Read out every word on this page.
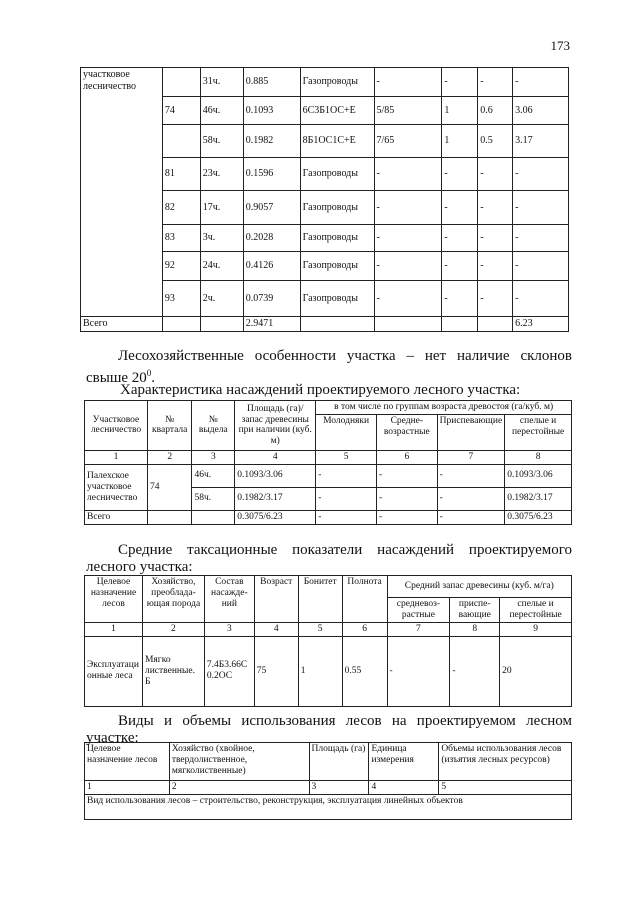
173
участковое лесничество		31ч.	0.885	Газопроводы	-	-	-	-
	74	46ч.	0.1093	6С3Б1ОС+Е	5/85	1	0.6	3.06
		58ч.	0.1982	8Б1ОС1С+Е	7/65	1	0.5	3.17
	81	23ч.	0.1596	Газопроводы	-	-	-	-
	82	17ч.	0.9057	Газопроводы	-	-	-	-
	83	3ч.	0.2028	Газопроводы	-	-	-	-
	92	24ч.	0.4126	Газопроводы	-	-	-	-
	93	2ч.	0.0739	Газопроводы	-	-	-	-
Всего			2.9471					6.23
Лесохозяйственные особенности участка – нет наличие склонов свыше $20^0$.
Характеристика насаждений проектируемого лесного участка:
Участковое лесничество	№ квартала	№ выдела	Площадь (га)/запас древесины при наличии (куб. м)	в том числе по группам возраста древостоя (га/куб. м)			
				Молодняки	Средне-возрастные	Приспевающие	спелые и перестойные
1	2	3	4	5	6	7	8
Палехское участковое лесничество	74	46ч.	0.1093/3.06	-	-	-	0.1093/3.06
		58ч.	0.1982/3.17	-	-	-	0.1982/3.17
Всего			0.3075/6.23	-	-	-	0.3075/6.23
Средние таксационные показатели насаждений проектируемого лесного участка:
Целевое назначение лесов	Хозяйство, преоблада-ющая порода	Состав насажде-ний	Возраст	Бонитет	Полнота	Средний запас древесины (куб. м/га)		
						средневоз-растные	приспе-вающие	спелые и перестойные
1	2	3	4	5	6	7	8	9
Эксплуатаци онные леса	Мягко лиственные. Б	7.4Б3.66С 0.2ОС	75	1	0.55	-	-	20
Виды и объемы использования лесов на проектируемом лесном участке:
Целевое назначение лесов	Хозяйство (хвойное, твердолиственное, мягколиственные)	Площадь (га)	Единица измерения	Объемы использования лесов (изъятия лесных ресурсов)
1	2	3	4	5
Вид использования лесов – строительство, реконструкция, эксплуатация линейных объектов				
